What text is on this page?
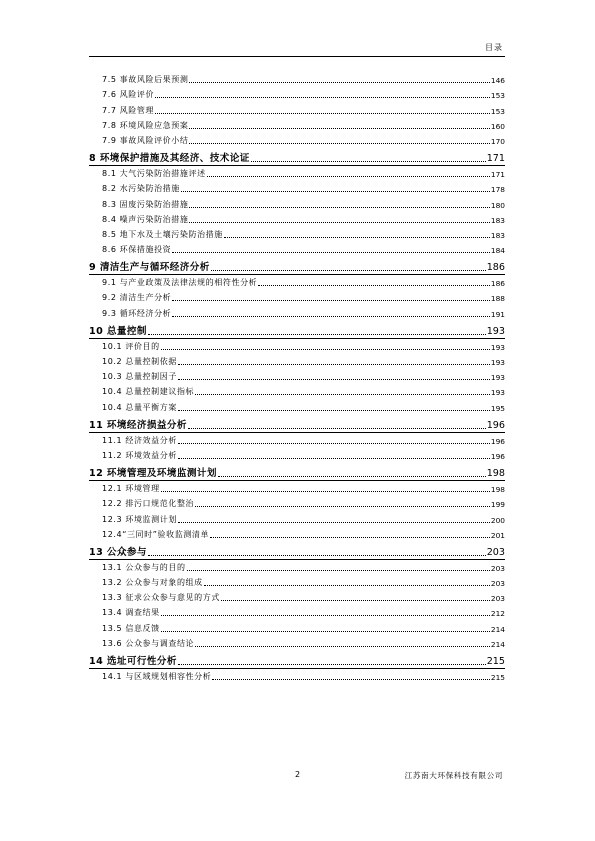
目录
7.5 事故风险后果预测	146
7.6 风险评价	153
7.7 风险管理	153
7.8 环境风险应急预案	160
7.9 事故风险评价小结	170
8 环境保护措施及其经济、技术论证	171
8.1 大气污染防治措施评述	171
8.2 水污染防治措施	178
8.3 固废污染防治措施	180
8.4 噪声污染防治措施	183
8.5 地下水及土壤污染防治措施	183
8.6 环保措施投资	184
9 清洁生产与循环经济分析	186
9.1 与产业政策及法律法规的相符性分析	186
9.2 清洁生产分析	188
9.3 循环经济分析	191
10 总量控制	193
10.1 评价目的	193
10.2 总量控制依据	193
10.3 总量控制因子	193
10.4 总量控制建议指标	193
10.4 总量平衡方案	195
11 环境经济损益分析	196
11.1 经济效益分析	196
11.2 环境效益分析	196
12 环境管理及环境监测计划	198
12.1 环境管理	198
12.2 排污口规范化整治	199
12.3 环境监测计划	200
12.4“三同时”验收监测清单	201
13 公众参与	203
13.1 公众参与的目的	203
13.2 公众参与对象的组成	203
13.3 征求公众参与意见的方式	203
13.4 调查结果	212
13.5 信息反馈	214
13.6 公众参与调查结论	214
14 选址可行性分析	215
14.1 与区域规划相容性分析	215
2	江苏南大环保科技有限公司
